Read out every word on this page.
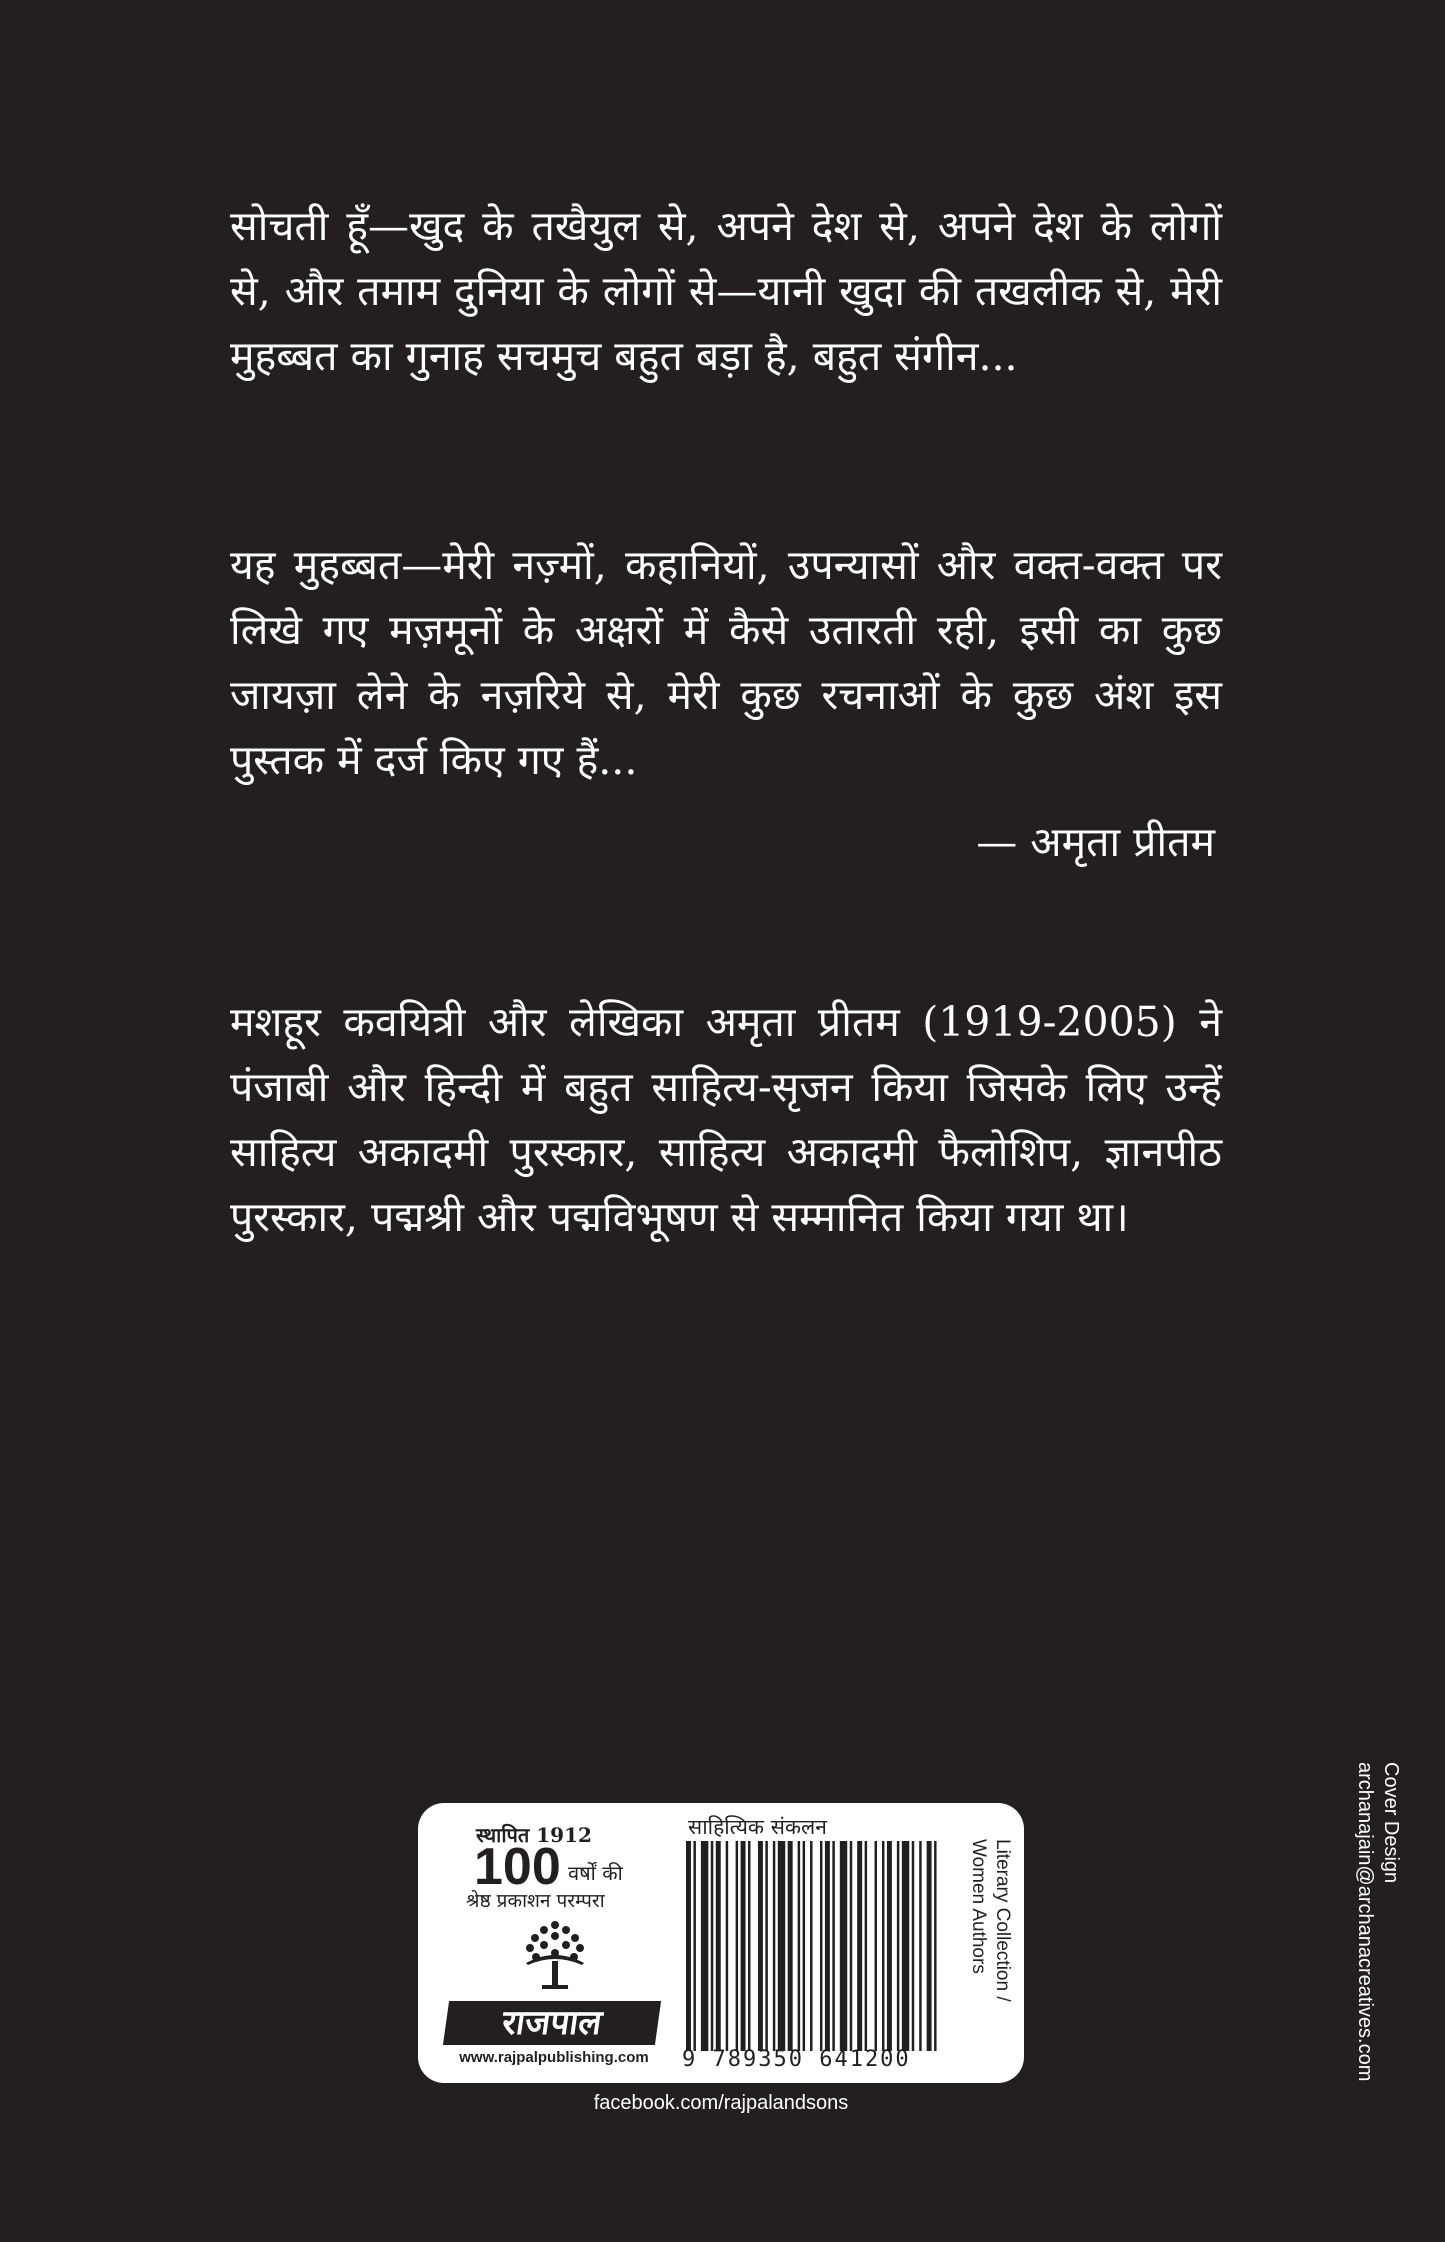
सोचती हूँ—खुद के तखैयुल से, अपने देश से, अपने देश के लोगों से, और तमाम दुनिया के लोगों से—यानी खुदा की तखलीक से, मेरी मुहब्बत का गुनाह सचमुच बहुत बड़ा है, बहुत संगीन...

यह मुहब्बत—मेरी नज़्मों, कहानियों, उपन्यासों और वक्त-वक्त पर लिखे गए मज़मूनों के अक्षरों में कैसे उतारती रही, इसी का कुछ जायज़ा लेने के नज़रिये से, मेरी कुछ रचनाओं के कुछ अंश इस पुस्तक में दर्ज किए गए हैं...

— अमृता प्रीतम

मशहूर कवयित्री और लेखिका अमृता प्रीतम (1919-2005) ने पंजाबी और हिन्दी में बहुत साहित्य-सृजन किया जिसके लिए उन्हें साहित्य अकादमी पुरस्कार, साहित्य अकादमी फैलोशिप, ज्ञानपीठ पुरस्कार, पद्मश्री और पद्मविभूषण से सम्मानित किया गया था।

Cover Design
archanajain@archanacreatives.com
स्थापित 1912
100 वर्षों की
श्रेष्ठ प्रकाशन परम्परा
राजपाल
www.rajpalpublishing.com
साहित्यिक संकलन
9 789350 641200
Literary Collection /
Women Authors
facebook.com/rajpalandsons
